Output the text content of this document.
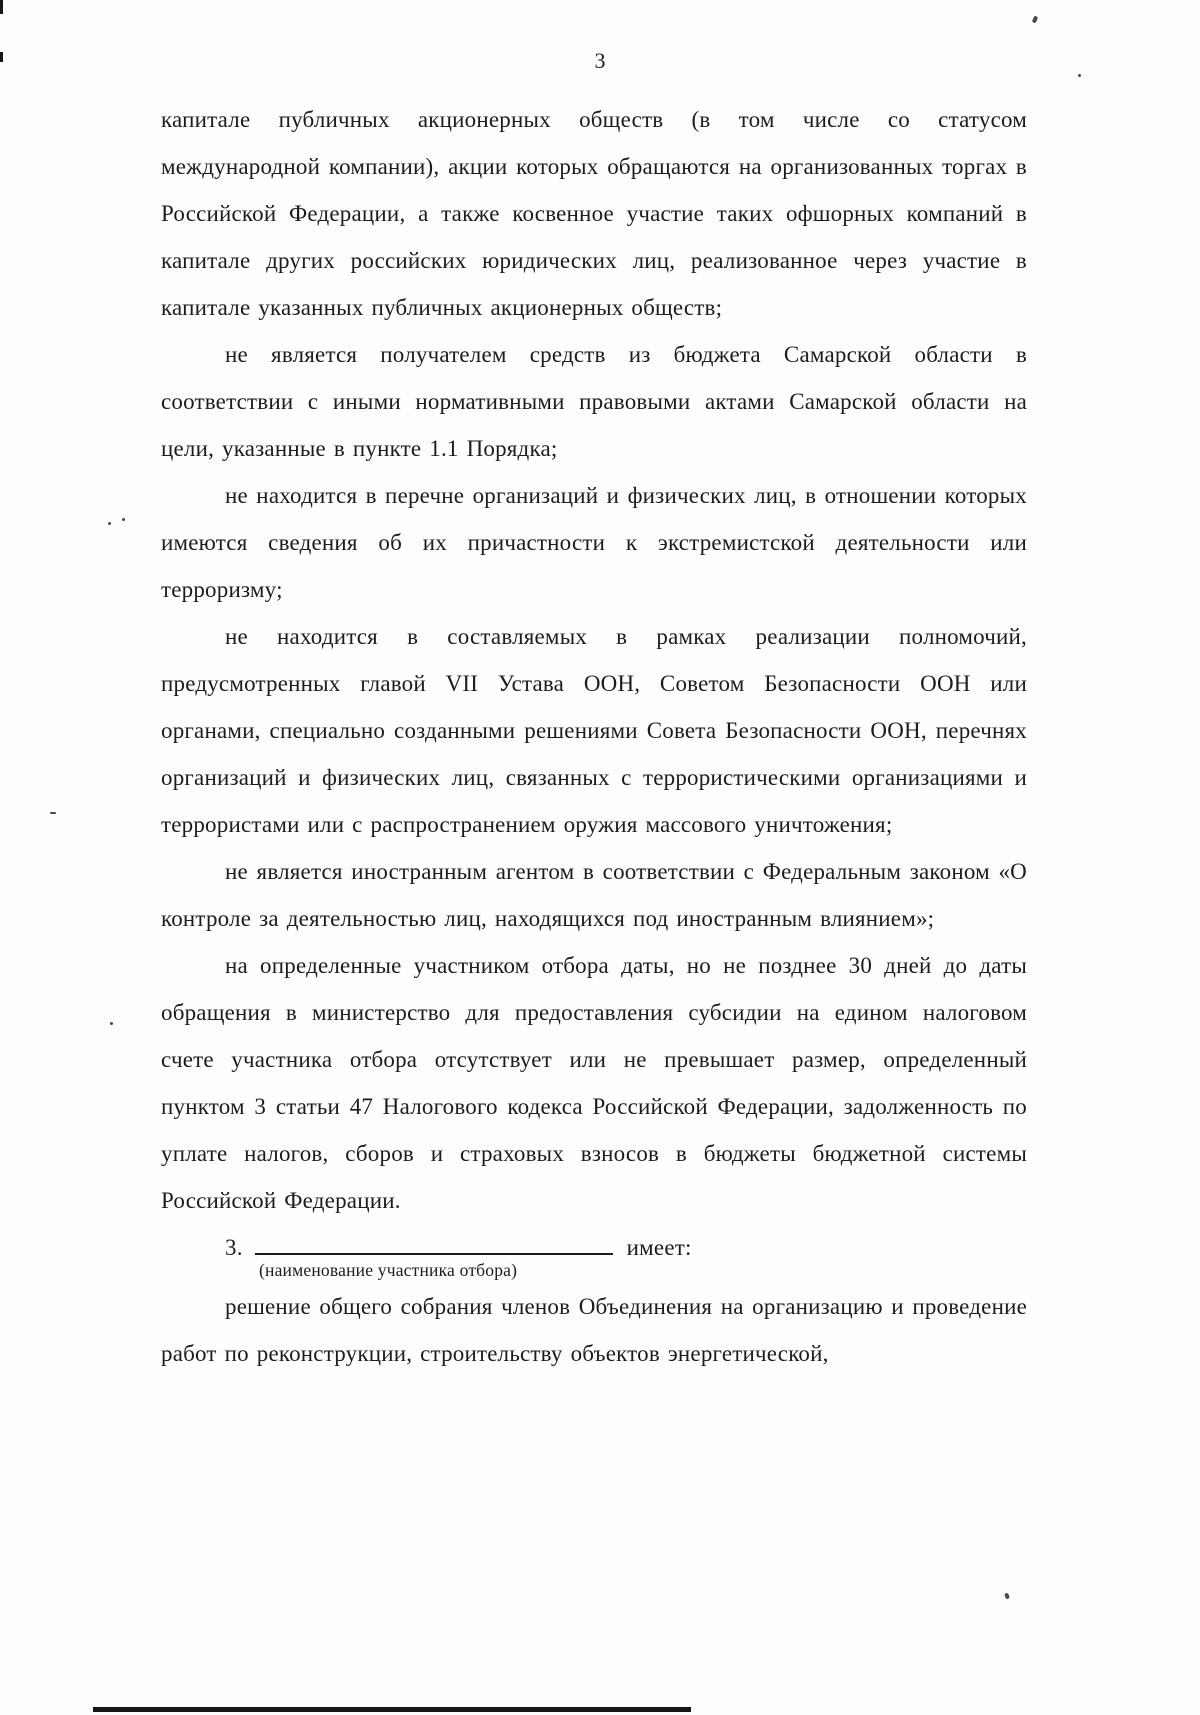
3

капитале публичных акционерных обществ (в том числе со статусом международной компании), акции которых обращаются на организованных торгах в Российской Федерации, а также косвенное участие таких офшорных компаний в капитале других российских юридических лиц, реализованное через участие в капитале указанных публичных акционерных обществ;

не является получателем средств из бюджета Самарской области в соответствии с иными нормативными правовыми актами Самарской области на цели, указанные в пункте 1.1 Порядка;

не находится в перечне организаций и физических лиц, в отношении которых имеются сведения об их причастности к экстремистской деятельности или терроризму;

не находится в составляемых в рамках реализации полномочий, предусмотренных главой VII Устава ООН, Советом Безопасности ООН или органами, специально созданными решениями Совета Безопасности ООН, перечнях организаций и физических лиц, связанных с террористическими организациями и террористами или с распространением оружия массового уничтожения;

не является иностранным агентом в соответствии с Федеральным законом «О контроле за деятельностью лиц, находящихся под иностранным влиянием»;

на определенные участником отбора даты, но не позднее 30 дней до даты обращения в министерство для предоставления субсидии на едином налоговом счете участника отбора отсутствует или не превышает размер, определенный пунктом 3 статьи 47 Налогового кодекса Российской Федерации, задолженность по уплате налогов, сборов и страховых взносов в бюджеты бюджетной системы Российской Федерации.

3.	имеет:

(наименование участника отбора)

решение общего собрания членов Объединения на организацию и проведение работ по реконструкции, строительству объектов энергетической,
